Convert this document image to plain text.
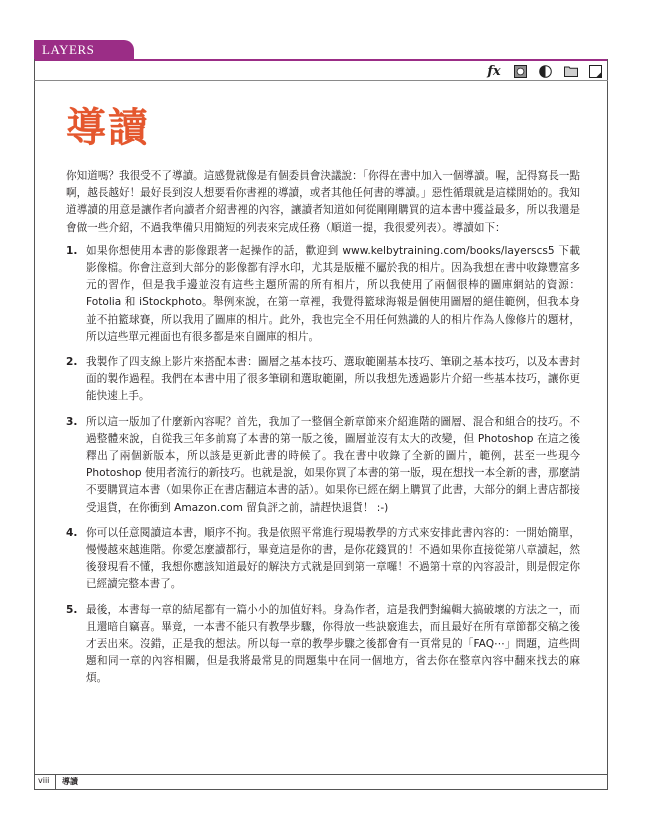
LAYERS
fx
導讀

你知道嗎？我很受不了導讀。這感覺就像是有個委員會決議說：「你得在書中加入一個導讀。喔，記得寫長一點啊，越長越好！最好長到沒人想要看你書裡的導讀，或者其他任何書的導讀。」惡性循環就是這樣開始的。我知道導讀的用意是讓作者向讀者介紹書裡的內容，讓讀者知道如何從剛剛購買的這本書中獲益最多，所以我還是會做一些介紹，不過我準備只用簡短的列表來完成任務（順道一提，我很愛列表）。導讀如下：

1. 如果你想使用本書的影像跟著一起操作的話，歡迎到 www.kelbytraining.com/books/layerscs5 下載影像檔。你會注意到大部分的影像都有浮水印，尤其是版權不屬於我的相片。因為我想在書中收錄豐富多元的習作，但是我手邊並沒有這些主題所需的所有相片，所以我使用了兩個很棒的圖庫網站的資源：Fotolia 和 iStockphoto。舉例來說，在第一章裡，我覺得籃球海報是個使用圖層的絕佳範例，但我本身並不拍籃球賽，所以我用了圖庫的相片。此外，我也完全不用任何熟識的人的相片作為人像修片的題材，所以這些單元裡面也有很多都是來自圖庫的相片。
2. 我製作了四支線上影片來搭配本書：圖層之基本技巧、選取範圍基本技巧、筆刷之基本技巧，以及本書封面的製作過程。我們在本書中用了很多筆刷和選取範圍，所以我想先透過影片介紹一些基本技巧，讓你更能快速上手。
3. 所以這一版加了什麼新內容呢？首先，我加了一整個全新章節來介紹進階的圖層、混合和組合的技巧。不過整體來說，自從我三年多前寫了本書的第一版之後，圖層並沒有太大的改變，但 Photoshop 在這之後釋出了兩個新版本，所以該是更新此書的時候了。我在書中收錄了全新的圖片，範例，甚至一些現今 Photoshop 使用者流行的新技巧。也就是說，如果你買了本書的第一版，現在想找一本全新的書，那麼請不要購買這本書（如果你正在書店翻這本書的話）。如果你已經在網上購買了此書，大部分的網上書店都接受退貨，在你衝到 Amazon.com 留負評之前，請趕快退貨！ :-)
4. 你可以任意閱讀這本書，順序不拘。我是依照平常進行現場教學的方式來安排此書內容的：一開始簡單，慢慢越來越進階。你愛怎麼讀都行，畢竟這是你的書，是你花錢買的！不過如果你直接從第八章讀起，然後發現看不懂，我想你應該知道最好的解決方式就是回到第一章囉！不過第十章的內容設計，則是假定你已經讀完整本書了。
5. 最後，本書每一章的結尾都有一篇小小的加值好料。身為作者，這是我們對編輯大搞破壞的方法之一，而且還暗自竊喜。畢竟，一本書不能只有教學步驟，你得放一些訣竅進去，而且最好在所有章節都交稿之後才丟出來。沒錯，正是我的想法。所以每一章的教學步驟之後都會有一頁常見的「FAQ⋯」問題，這些問題和同一章的內容相關，但是我將最常見的問題集中在同一個地方，省去你在整章內容中翻來找去的麻煩。
viii 導讀
